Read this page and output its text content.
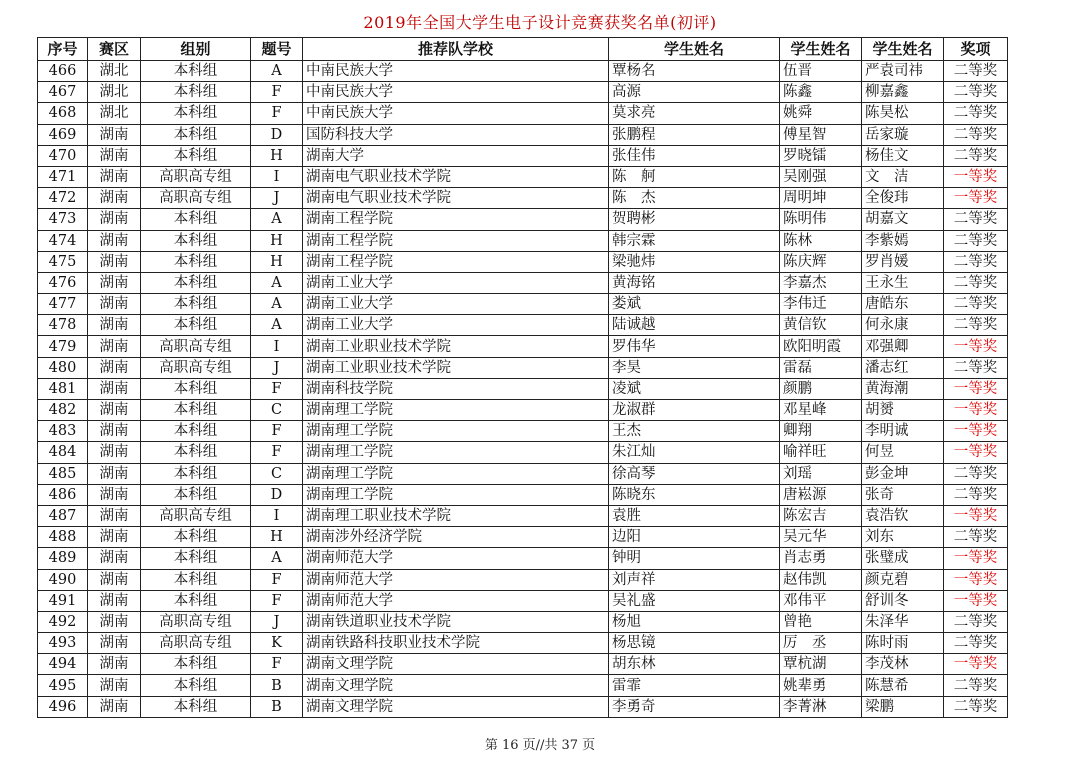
2019年全国大学生电子设计竞赛获奖名单(初评)
序号	赛区	组别	题号	推荐队学校	学生姓名	学生姓名	学生姓名	奖项
466	湖北	本科组	A	中南民族大学	覃杨名	伍晋	严袁司祎	二等奖
467	湖北	本科组	F	中南民族大学	高源	陈鑫	柳嘉鑫	二等奖
468	湖北	本科组	F	中南民族大学	莫求亮	姚舜	陈昊松	二等奖
469	湖南	本科组	D	国防科技大学	张鹏程	傅星智	岳家璇	二等奖
470	湖南	本科组	H	湖南大学	张佳伟	罗晓镭	杨佳文	二等奖
471	湖南	高职高专组	I	湖南电气职业技术学院	陈　舸	吴刚强	文　洁	一等奖
472	湖南	高职高专组	J	湖南电气职业技术学院	陈　杰	周明坤	全俊玮	一等奖
473	湖南	本科组	A	湖南工程学院	贺聘彬	陈明伟	胡嘉文	二等奖
474	湖南	本科组	H	湖南工程学院	韩宗霖	陈林	李紫嫣	二等奖
475	湖南	本科组	H	湖南工程学院	梁驰炜	陈庆辉	罗肖媛	二等奖
476	湖南	本科组	A	湖南工业大学	黄海铭	李嘉杰	王永生	二等奖
477	湖南	本科组	A	湖南工业大学	娄斌	李伟迁	唐皓东	二等奖
478	湖南	本科组	A	湖南工业大学	陆诚越	黄信钦	何永康	二等奖
479	湖南	高职高专组	I	湖南工业职业技术学院	罗伟华	欧阳明霞	邓强卿	一等奖
480	湖南	高职高专组	J	湖南工业职业技术学院	李昊	雷磊	潘志红	二等奖
481	湖南	本科组	F	湖南科技学院	凌斌	颜鹏	黄海潮	一等奖
482	湖南	本科组	C	湖南理工学院	龙淑群	邓星峰	胡赟	一等奖
483	湖南	本科组	F	湖南理工学院	王杰	卿翔	李明诚	一等奖
484	湖南	本科组	F	湖南理工学院	朱江灿	喻祥旺	何昱	一等奖
485	湖南	本科组	C	湖南理工学院	徐高琴	刘瑶	彭金坤	二等奖
486	湖南	本科组	D	湖南理工学院	陈晓东	唐崧源	张奇	二等奖
487	湖南	高职高专组	I	湖南理工职业技术学院	袁胜	陈宏吉	袁浩钦	一等奖
488	湖南	本科组	H	湖南涉外经济学院	边阳	吴元华	刘东	二等奖
489	湖南	本科组	A	湖南师范大学	钟明	肖志勇	张璧成	一等奖
490	湖南	本科组	F	湖南师范大学	刘声祥	赵伟凯	颜克碧	一等奖
491	湖南	本科组	F	湖南师范大学	吴礼盛	邓伟平	舒训冬	一等奖
492	湖南	高职高专组	J	湖南铁道职业技术学院	杨旭	曾艳	朱泽华	二等奖
493	湖南	高职高专组	K	湖南铁路科技职业技术学院	杨思镜	厉　丞	陈时雨	二等奖
494	湖南	本科组	F	湖南文理学院	胡东林	覃杭湖	李茂林	一等奖
495	湖南	本科组	B	湖南文理学院	雷霏	姚辈勇	陈慧希	二等奖
496	湖南	本科组	B	湖南文理学院	李勇奇	李菁淋	梁鹏	二等奖
第 16 页//共 37 页
